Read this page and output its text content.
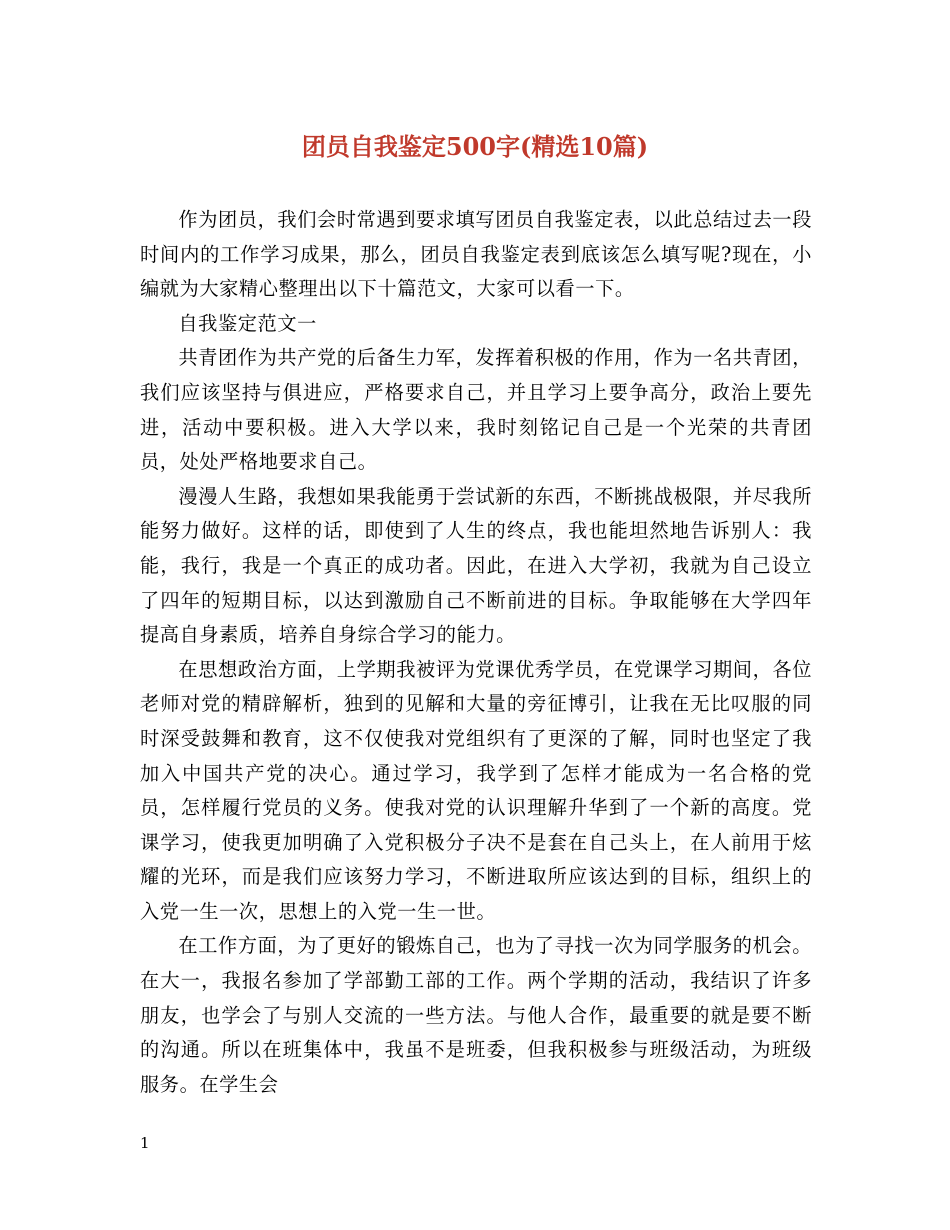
团员自我鉴定500字(精选10篇)

作为团员，我们会时常遇到要求填写团员自我鉴定表，以此总结过去一段时间内的工作学习成果，那么，团员自我鉴定表到底该怎么填写呢?现在，小编就为大家精心整理出以下十篇范文，大家可以看一下。

自我鉴定范文一

共青团作为共产党的后备生力军，发挥着积极的作用，作为一名共青团，我们应该坚持与俱进应，严格要求自己，并且学习上要争高分，政治上要先进，活动中要积极。进入大学以来，我时刻铭记自己是一个光荣的共青团员，处处严格地要求自己。

漫漫人生路，我想如果我能勇于尝试新的东西，不断挑战极限，并尽我所能努力做好。这样的话，即使到了人生的终点，我也能坦然地告诉别人：我能，我行，我是一个真正的成功者。因此，在进入大学初，我就为自己设立了四年的短期目标，以达到激励自己不断前进的目标。争取能够在大学四年提高自身素质，培养自身综合学习的能力。

在思想政治方面，上学期我被评为党课优秀学员，在党课学习期间，各位老师对党的精辟解析，独到的见解和大量的旁征博引，让我在无比叹服的同时深受鼓舞和教育，这不仅使我对党组织有了更深的了解，同时也坚定了我加入中国共产党的决心。通过学习，我学到了怎样才能成为一名合格的党员，怎样履行党员的义务。使我对党的认识理解升华到了一个新的高度。党课学习，使我更加明确了入党积极分子决不是套在自己头上，在人前用于炫耀的光环，而是我们应该努力学习，不断进取所应该达到的目标，组织上的入党一生一次，思想上的入党一生一世。

在工作方面，为了更好的锻炼自己，也为了寻找一次为同学服务的机会。在大一，我报名参加了学部勤工部的工作。两个学期的活动，我结识了许多朋友，也学会了与别人交流的一些方法。与他人合作，最重要的就是要不断的沟通。所以在班集体中，我虽不是班委，但我积极参与班级活动，为班级服务。在学生会

1
